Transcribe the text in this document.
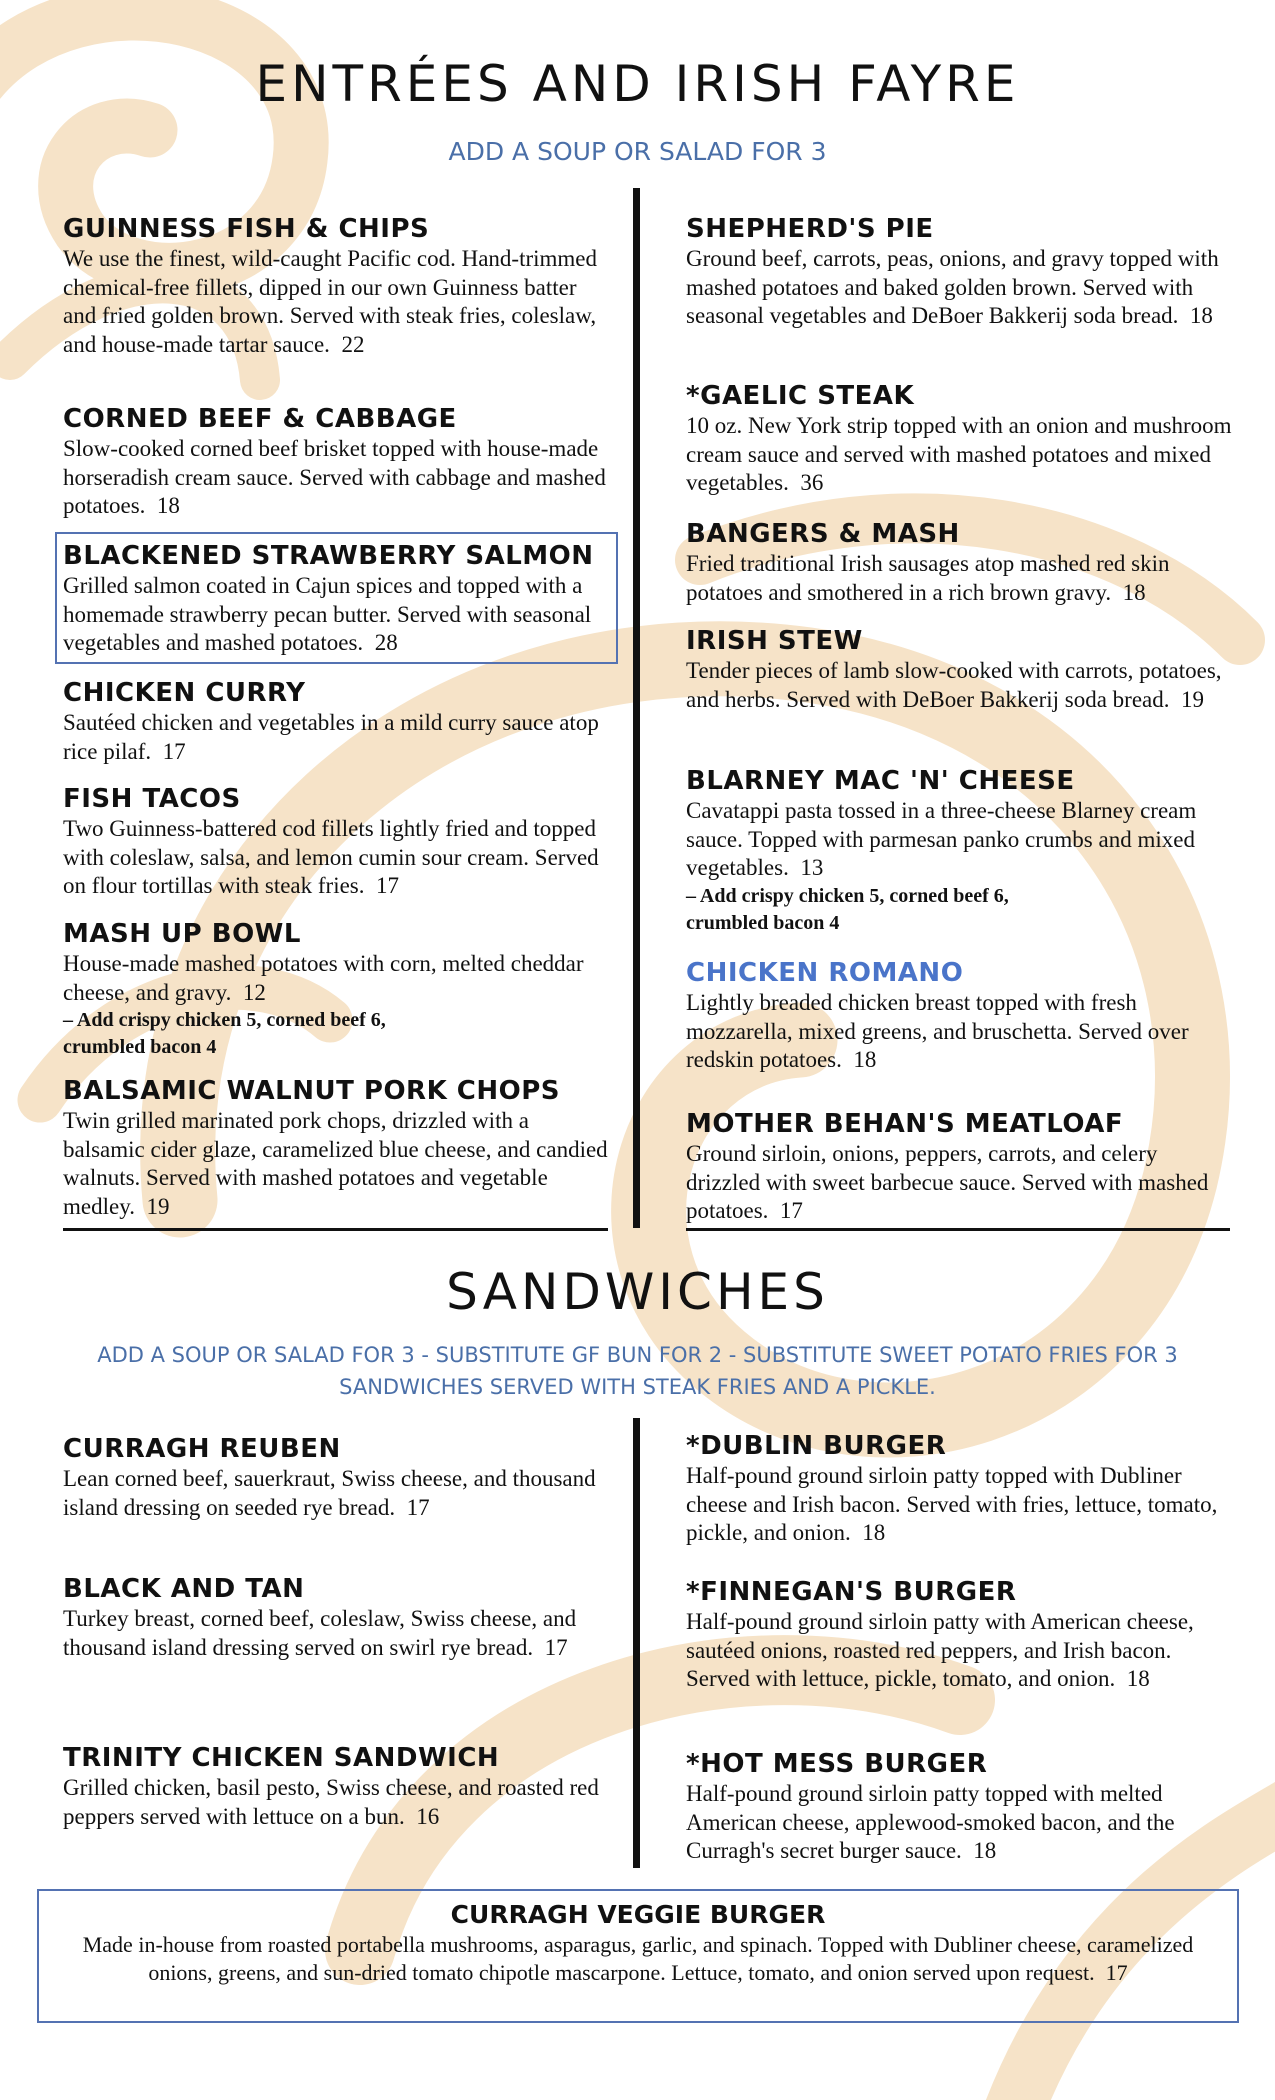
ENTRÉES AND IRISH FAYRE
ADD A SOUP OR SALAD FOR 3
GUINNESS FISH & CHIPS

We use the finest, wild-caught Pacific cod. Hand-trimmed chemical-free fillets, dipped in our own Guinness batter and fried golden brown. Served with steak fries, coleslaw, and house-made tartar sauce. 22

CORNED BEEF & CABBAGE

Slow-cooked corned beef brisket topped with house-made horseradish cream sauce. Served with cabbage and mashed potatoes. 18

BLACKENED STRAWBERRY SALMON

Grilled salmon coated in Cajun spices and topped with a homemade strawberry pecan butter. Served with seasonal vegetables and mashed potatoes. 28

CHICKEN CURRY

Sautéed chicken and vegetables in a mild curry sauce atop rice pilaf. 17

FISH TACOS

Two Guinness-battered cod fillets lightly fried and topped with coleslaw, salsa, and lemon cumin sour cream. Served on flour tortillas with steak fries. 17

MASH UP BOWL

House-made mashed potatoes with corn, melted cheddar cheese, and gravy. 12

– Add crispy chicken 5, corned beef 6, crumbled bacon 4

BALSAMIC WALNUT PORK CHOPS

Twin grilled marinated pork chops, drizzled with a balsamic cider glaze, caramelized blue cheese, and candied walnuts. Served with mashed potatoes and vegetable medley. 19

SHEPHERD'S PIE

Ground beef, carrots, peas, onions, and gravy topped with mashed potatoes and baked golden brown. Served with seasonal vegetables and DeBoer Bakkerij soda bread. 18

*GAELIC STEAK

10 oz. New York strip topped with an onion and mushroom cream sauce and served with mashed potatoes and mixed vegetables. 36

BANGERS & MASH

Fried traditional Irish sausages atop mashed red skin potatoes and smothered in a rich brown gravy. 18

IRISH STEW

Tender pieces of lamb slow-cooked with carrots, potatoes, and herbs. Served with DeBoer Bakkerij soda bread. 19

BLARNEY MAC 'N' CHEESE

Cavatappi pasta tossed in a three-cheese Blarney cream sauce. Topped with parmesan panko crumbs and mixed vegetables. 13

– Add crispy chicken 5, corned beef 6, crumbled bacon 4

CHICKEN ROMANO

Lightly breaded chicken breast topped with fresh mozzarella, mixed greens, and bruschetta. Served over redskin potatoes. 18

MOTHER BEHAN'S MEATLOAF

Ground sirloin, onions, peppers, carrots, and celery drizzled with sweet barbecue sauce. Served with mashed potatoes. 17

SANDWICHES
ADD A SOUP OR SALAD FOR 3 - SUBSTITUTE GF BUN FOR 2 - SUBSTITUTE SWEET POTATO FRIES FOR 3
SANDWICHES SERVED WITH STEAK FRIES AND A PICKLE.
CURRAGH REUBEN

Lean corned beef, sauerkraut, Swiss cheese, and thousand island dressing on seeded rye bread. 17

BLACK AND TAN

Turkey breast, corned beef, coleslaw, Swiss cheese, and thousand island dressing served on swirl rye bread. 17

TRINITY CHICKEN SANDWICH

Grilled chicken, basil pesto, Swiss cheese, and roasted red peppers served with lettuce on a bun. 16

*DUBLIN BURGER

Half-pound ground sirloin patty topped with Dubliner cheese and Irish bacon. Served with fries, lettuce, tomato, pickle, and onion. 18

*FINNEGAN'S BURGER

Half-pound ground sirloin patty with American cheese, sautéed onions, roasted red peppers, and Irish bacon. Served with lettuce, pickle, tomato, and onion. 18

*HOT MESS BURGER

Half-pound ground sirloin patty topped with melted American cheese, applewood-smoked bacon, and the Curragh's secret burger sauce. 18

CURRAGH VEGGIE BURGER

Made in-house from roasted portabella mushrooms, asparagus, garlic, and spinach. Topped with Dubliner cheese, caramelized onions, greens, and sun-dried tomato chipotle mascarpone. Lettuce, tomato, and onion served upon request. 17
